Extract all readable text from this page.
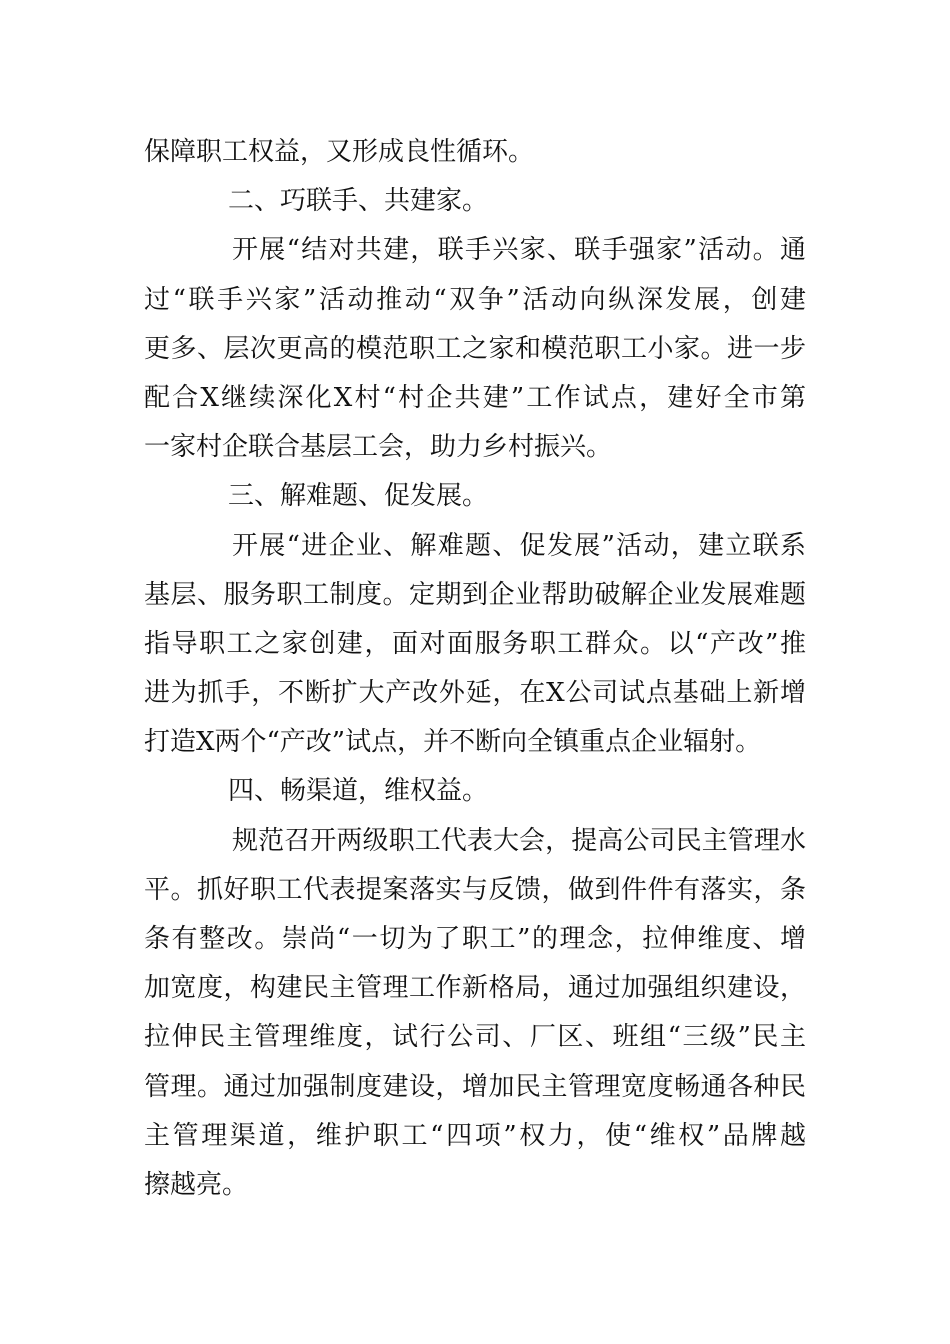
保障职工权益，又形成良性循环。
二、巧联手、共建家。
开展“结对共建，联手兴家、联手强家”活动。通
过“联手兴家”活动推动“双争”活动向纵深发展，创建
更多、层次更高的模范职工之家和模范职工小家。进一步
配合X继续深化X村“村企共建”工作试点，建好全市第
一家村企联合基层工会，助力乡村振兴。
三、解难题、促发展。
开展“进企业、解难题、促发展”活动，建立联系
基层、服务职工制度。定期到企业帮助破解企业发展难题
指导职工之家创建，面对面服务职工群众。以“产改”推
进为抓手，不断扩大产改外延，在X公司试点基础上新增
打造X两个“产改”试点，并不断向全镇重点企业辐射。
四、畅渠道，维权益。
规范召开两级职工代表大会，提高公司民主管理水
平。抓好职工代表提案落实与反馈，做到件件有落实，条
条有整改。崇尚“一切为了职工”的理念，拉伸维度、增
加宽度，构建民主管理工作新格局，通过加强组织建设，
拉伸民主管理维度，试行公司、厂区、班组“三级”民主
管理。通过加强制度建设，增加民主管理宽度畅通各种民
主管理渠道，维护职工“四项”权力，使“维权”品牌越
擦越亮。
